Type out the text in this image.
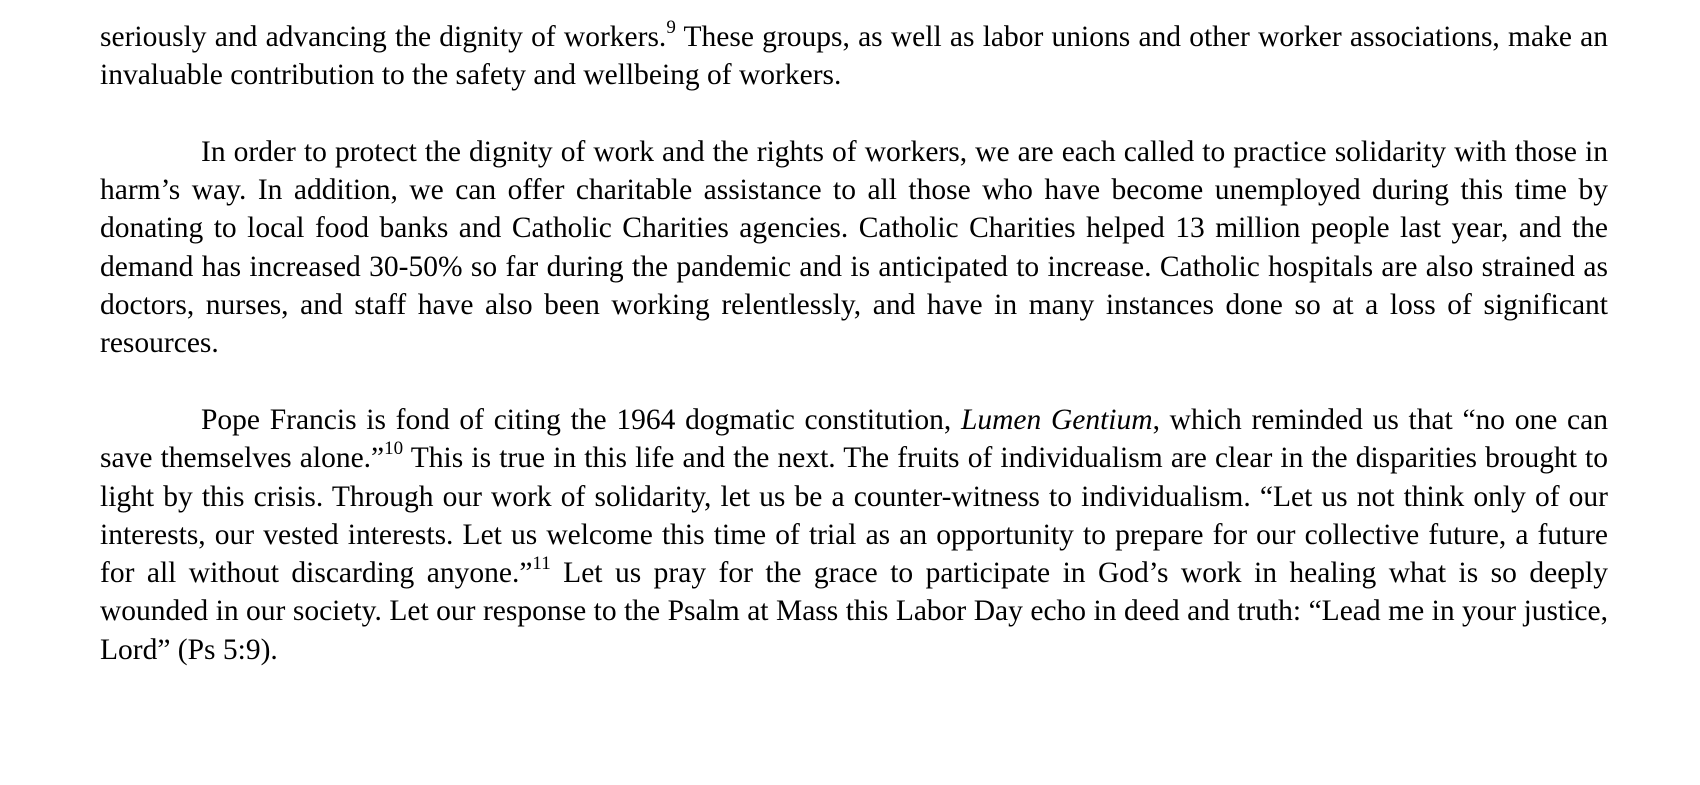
seriously and advancing the dignity of workers.$^9$ These groups, as well as labor unions and other worker associations, make an invaluable contribution to the safety and wellbeing of workers.

In order to protect the dignity of work and the rights of workers, we are each called to practice solidarity with those in harm’s way. In addition, we can offer charitable assistance to all those who have become unemployed during this time by donating to local food banks and Catholic Charities agencies. Catholic Charities helped 13 million people last year, and the demand has increased 30-50% so far during the pandemic and is anticipated to increase. Catholic hospitals are also strained as doctors, nurses, and staff have also been working relentlessly, and have in many instances done so at a loss of significant resources.

Pope Francis is fond of citing the 1964 dogmatic constitution, Lumen Gentium, which reminded us that “no one can save themselves alone.”$^{10}$ This is true in this life and the next. The fruits of individualism are clear in the disparities brought to light by this crisis. Through our work of solidarity, let us be a counter-witness to individualism. “Let us not think only of our interests, our vested interests. Let us welcome this time of trial as an opportunity to prepare for our collective future, a future for all without discarding anyone.”$^{11}$ Let us pray for the grace to participate in God’s work in healing what is so deeply wounded in our society. Let our response to the Psalm at Mass this Labor Day echo in deed and truth: “Lead me in your justice, Lord” (Ps 5:9).
